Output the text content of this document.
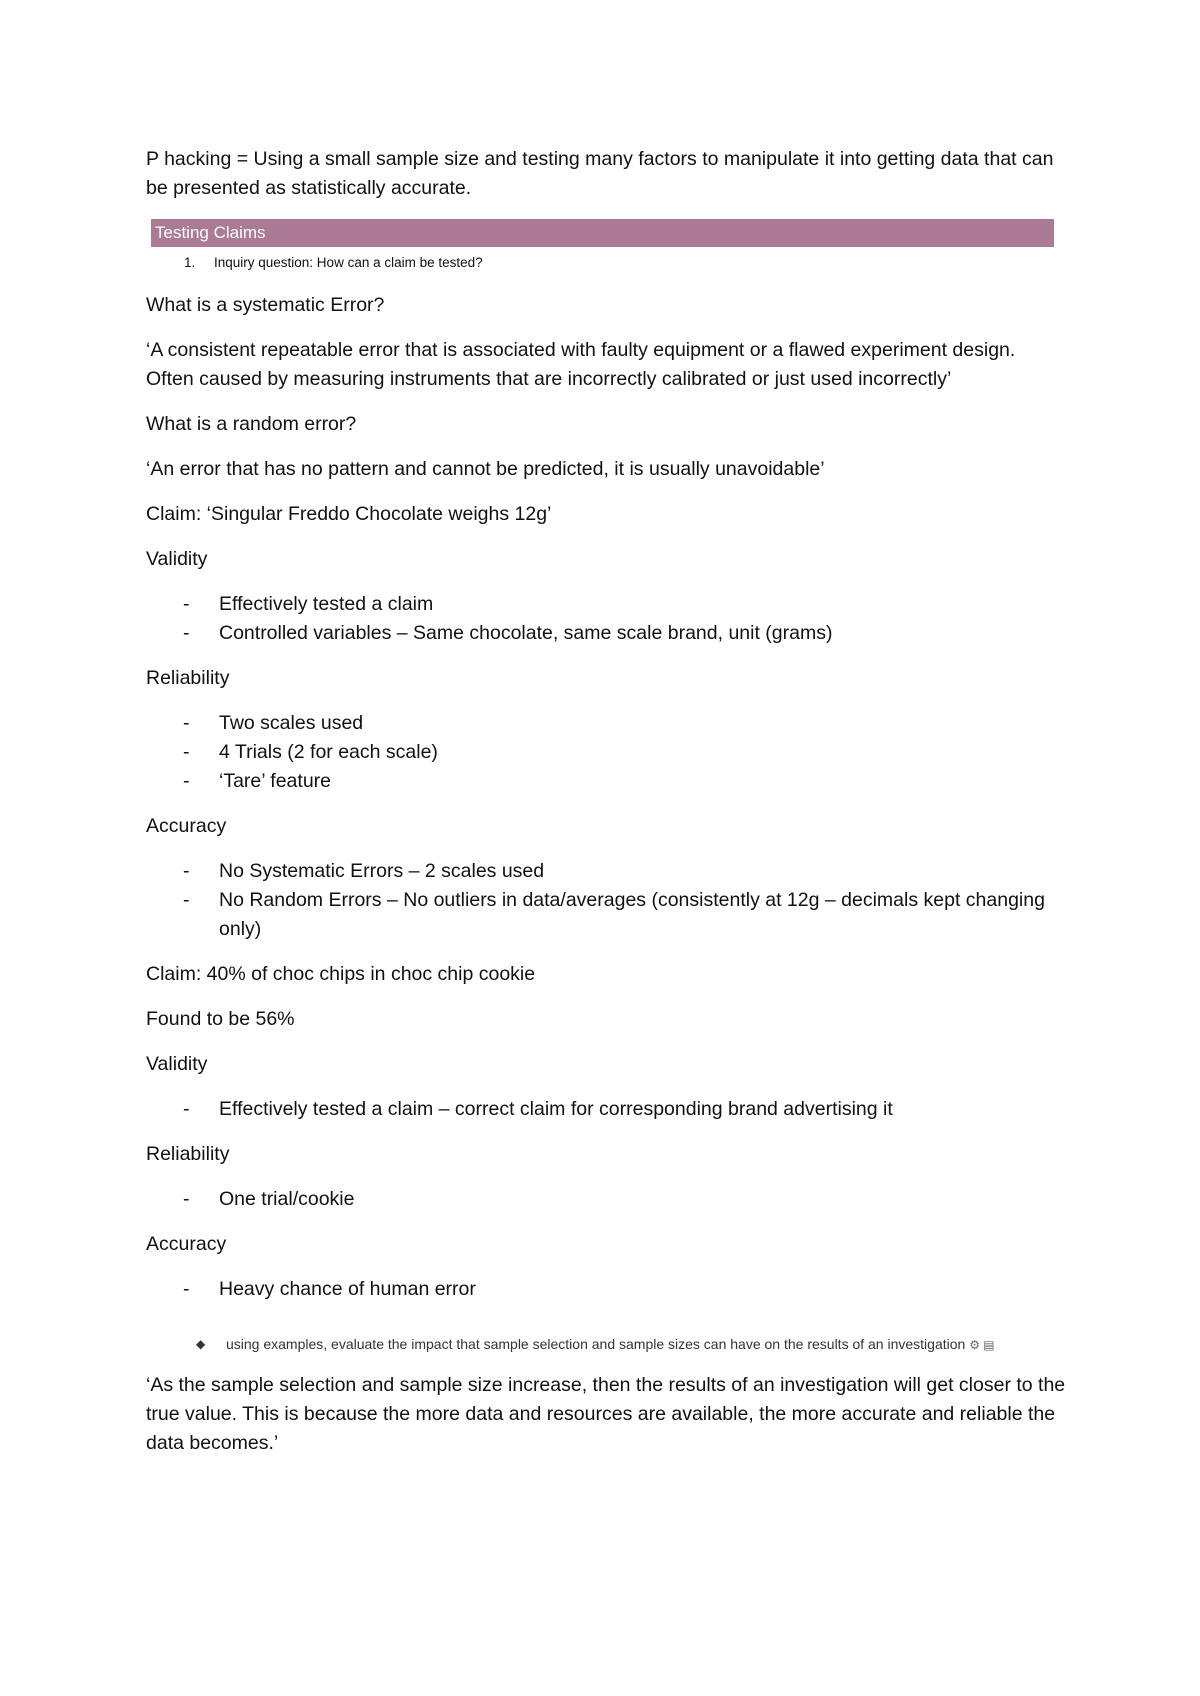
P hacking = Using a small sample size and testing many factors to manipulate it into getting data that can be presented as statistically accurate.

Testing Claims
1. Inquiry question: How can a claim be tested?

What is a systematic Error?

‘A consistent repeatable error that is associated with faulty equipment or a flawed experiment design. Often caused by measuring instruments that are incorrectly calibrated or just used incorrectly’

What is a random error?

‘An error that has no pattern and cannot be predicted, it is usually unavoidable’

Claim: ‘Singular Freddo Chocolate weighs 12g’

Validity

- Effectively tested a claim
- Controlled variables – Same chocolate, same scale brand, unit (grams)

Reliability

- Two scales used
- 4 Trials (2 for each scale)
- ‘Tare’ feature

Accuracy

- No Systematic Errors – 2 scales used
- No Random Errors – No outliers in data/averages (consistently at 12g – decimals kept changing only)

Claim: 40% of choc chips in choc chip cookie

Found to be 56%

Validity

- Effectively tested a claim – correct claim for corresponding brand advertising it

Reliability

- One trial/cookie

Accuracy

- Heavy chance of human error
◆ using examples, evaluate the impact that sample selection and sample sizes can have on the results of an investigation ⚙ ▤

‘As the sample selection and sample size increase, then the results of an investigation will get closer to the true value. This is because the more data and resources are available, the more accurate and reliable the data becomes.’
